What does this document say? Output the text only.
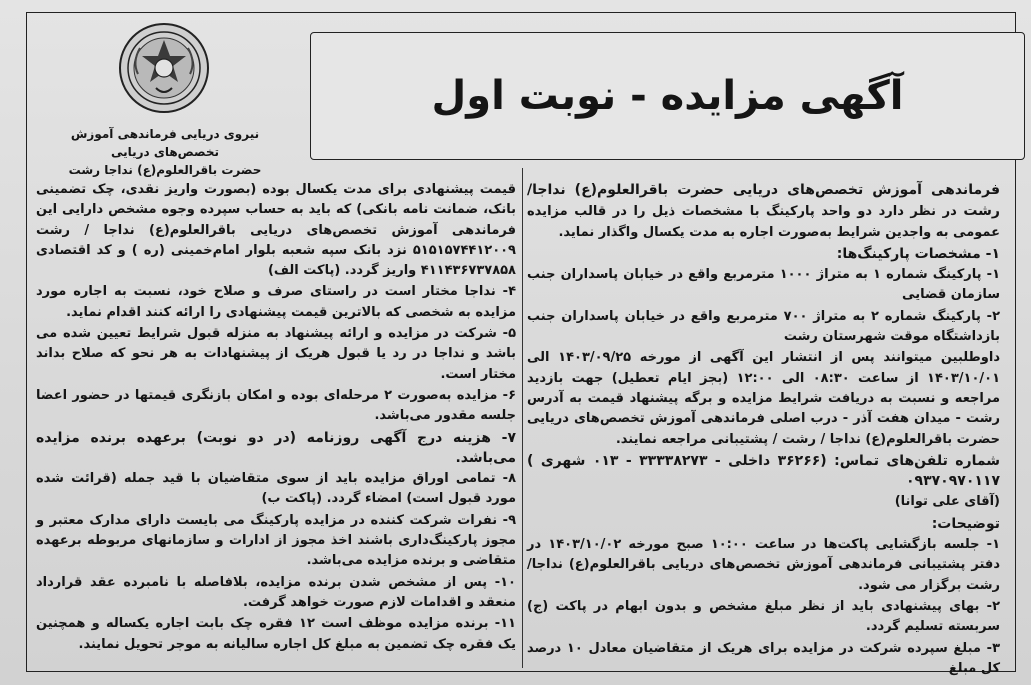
آگهی مزایده - نوبت اول
نیروی دریایی فرماندهی آموزش تخصص‌های دریایی
حضرت باقرالعلوم(ع) نداجا رشت

فرماندهی آموزش تخصص‌های دریایی حضرت باقرالعلوم(ع) نداجا/ رشت در نظر دارد دو واحد پارکینگ با مشخصات ذیل را در قالب مزایده عمومی به واجدین شرایط به‌صورت اجاره به مدت یکسال واگذار نماید.

۱- مشخصات پارکینگ‌ها:

۱- پارکینگ شماره ۱ به متراژ ۱۰۰۰ مترمربع واقع در خیابان پاسداران جنب سازمان قضایی

۲- پارکینگ شماره ۲ به متراژ ۷۰۰ مترمربع واقع در خیابان پاسداران جنب بازداشتگاه موقت شهرستان رشت

داوطلبین میتوانند پس از انتشار این آگهی از مورخه ۱۴۰۳/۰۹/۲۵ الی ۱۴۰۳/۱۰/۰۱ از ساعت ۰۸:۳۰ الی ۱۲:۰۰ (بجز ایام تعطیل) جهت بازدید مراجعه و نسبت به دریافت شرایط مزایده و برگه پیشنهاد قیمت به آدرس رشت - میدان هفت آذر - درب اصلی فرماندهی آموزش تخصص‌های دریایی حضرت باقرالعلوم(ع) نداجا / رشت / پشتیبانی مراجعه نمایند.

شماره تلفن‌های تماس: (۳۶۲۶۶ داخلی - ۳۳۳۳۸۲۷۳ - ۰۱۳ شهری ) ۰۹۳۷۰۹۷۰۱۱۷

(آقای علی توانا)

توضیحات:

۱- جلسه بازگشایی پاکت‌ها در ساعت ۱۰:۰۰ صبح مورخه ۱۴۰۳/۱۰/۰۲ در دفتر پشتیبانی فرماندهی آموزش تخصص‌های دریایی باقرالعلوم(ع) نداجا/ رشت برگزار می شود.

۲- بهای پیشنهادی باید از نظر مبلغ مشخص و بدون ابهام در پاکت (ج) سربسته تسلیم گردد.

۳- مبلغ سپرده شرکت در مزایده برای هریک از متقاضیان معادل ۱۰ درصد کل مبلغ

قیمت پیشنهادی برای مدت یکسال بوده (بصورت واریز نقدی، چک تضمینی بانک، ضمانت نامه بانکی) که باید به حساب سپرده وجوه مشخص دارایی این فرماندهی آموزش تخصص‌های دریایی باقرالعلوم(ع) نداجا / رشت ۵۱۵۱۵۷۴۴۱۲۰۰۹ نزد بانک سپه شعبه بلوار امام‌خمینی (ره ) و کد اقتصادی ۴۱۱۴۳۶۷۳۷۸۵۸ واریز گردد. (پاکت الف)

۴- نداجا مختار است در راستای صرف و صلاح خود، نسبت به اجاره مورد مزایده به شخصی که بالاترین قیمت پیشنهادی را ارائه کنند اقدام نماید.

۵- شرکت در مزایده و ارائه پیشنهاد به منزله قبول شرایط تعیین شده می باشد و نداجا در رد یا قبول هریک از پیشنهادات به هر نحو که صلاح بداند مختار است.

۶- مزایده به‌صورت ۲ مرحله‌ای بوده و امکان بازنگری قیمتها در حضور اعضا جلسه مقدور می‌باشد.

۷- هزینه درج آگهی روزنامه (در دو نوبت) برعهده برنده مزایده می‌باشد.

۸- تمامی اوراق مزایده باید از سوی متقاضیان با قید جمله (قرائت شده مورد قبول است) امضاء گردد. (پاکت ب)

۹- نفرات شرکت کننده در مزایده پارکینگ می بایست دارای مدارک معتبر و مجوز پارکینگ‌داری باشند اخذ مجوز از ادارات و سازمانهای مربوطه برعهده متقاضی و برنده مزایده می‌باشد.

۱۰- پس از مشخص شدن برنده مزایده، بلافاصله با نامبرده عقد قرارداد منعقد و اقدامات لازم صورت خواهد گرفت.

۱۱- برنده مزایده موظف است ۱۲ فقره چک بابت اجاره یکساله و همچنین یک فقره چک تضمین به مبلغ کل اجاره سالیانه به موجر تحویل نمایند.
